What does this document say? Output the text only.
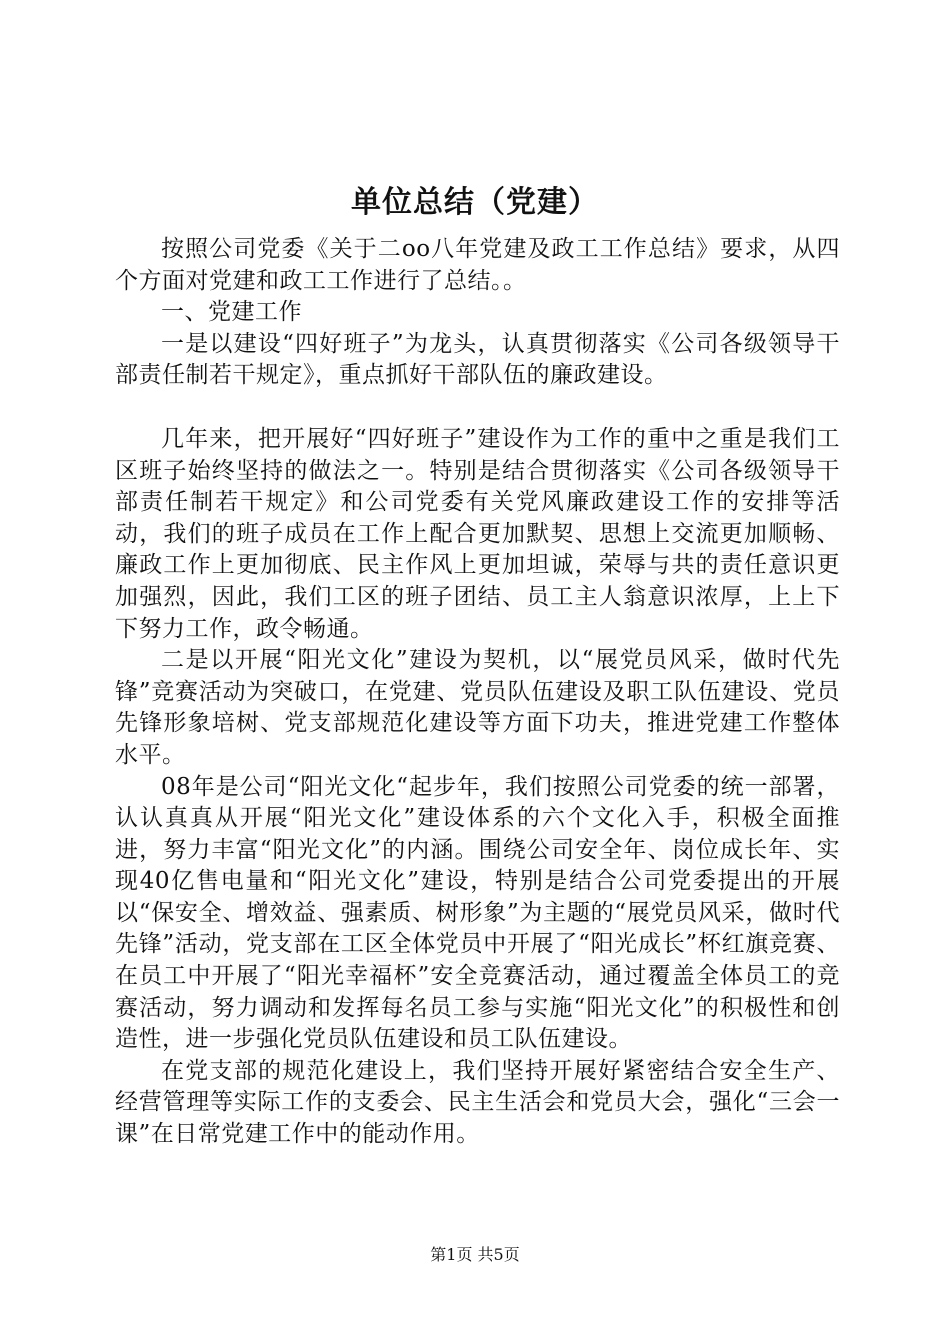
单位总结（党建）

按照公司党委《关于二oo八年党建及政工工作总结》要求，从四个方面对党建和政工工作进行了总结。。

一、党建工作

一是以建设“四好班子”为龙头，认真贯彻落实《公司各级领导干部责任制若干规定》，重点抓好干部队伍的廉政建设。

几年来，把开展好“四好班子”建设作为工作的重中之重是我们工区班子始终坚持的做法之一。特别是结合贯彻落实《公司各级领导干部责任制若干规定》和公司党委有关党风廉政建设工作的安排等活动，我们的班子成员在工作上配合更加默契、思想上交流更加顺畅、廉政工作上更加彻底、民主作风上更加坦诚，荣辱与共的责任意识更加强烈，因此，我们工区的班子团结、员工主人翁意识浓厚，上上下下努力工作，政令畅通。

二是以开展“阳光文化”建设为契机，以“展党员风采，做时代先锋”竞赛活动为突破口，在党建、党员队伍建设及职工队伍建设、党员先锋形象培树、党支部规范化建设等方面下功夫，推进党建工作整体水平。

08年是公司“阳光文化“起步年，我们按照公司党委的统一部署，认认真真从开展“阳光文化”建设体系的六个文化入手，积极全面推进，努力丰富“阳光文化”的内涵。围绕公司安全年、岗位成长年、实现40亿售电量和“阳光文化”建设，特别是结合公司党委提出的开展以“保安全、增效益、强素质、树形象”为主题的“展党员风采，做时代先锋”活动，党支部在工区全体党员中开展了“阳光成长”杯红旗竞赛、在员工中开展了“阳光幸福杯”安全竞赛活动，通过覆盖全体员工的竞赛活动，努力调动和发挥每名员工参与实施“阳光文化”的积极性和创造性，进一步强化党员队伍建设和员工队伍建设。

在党支部的规范化建设上，我们坚持开展好紧密结合安全生产、经营管理等实际工作的支委会、民主生活会和党员大会，强化“三会一课”在日常党建工作中的能动作用。

第1页 共5页
